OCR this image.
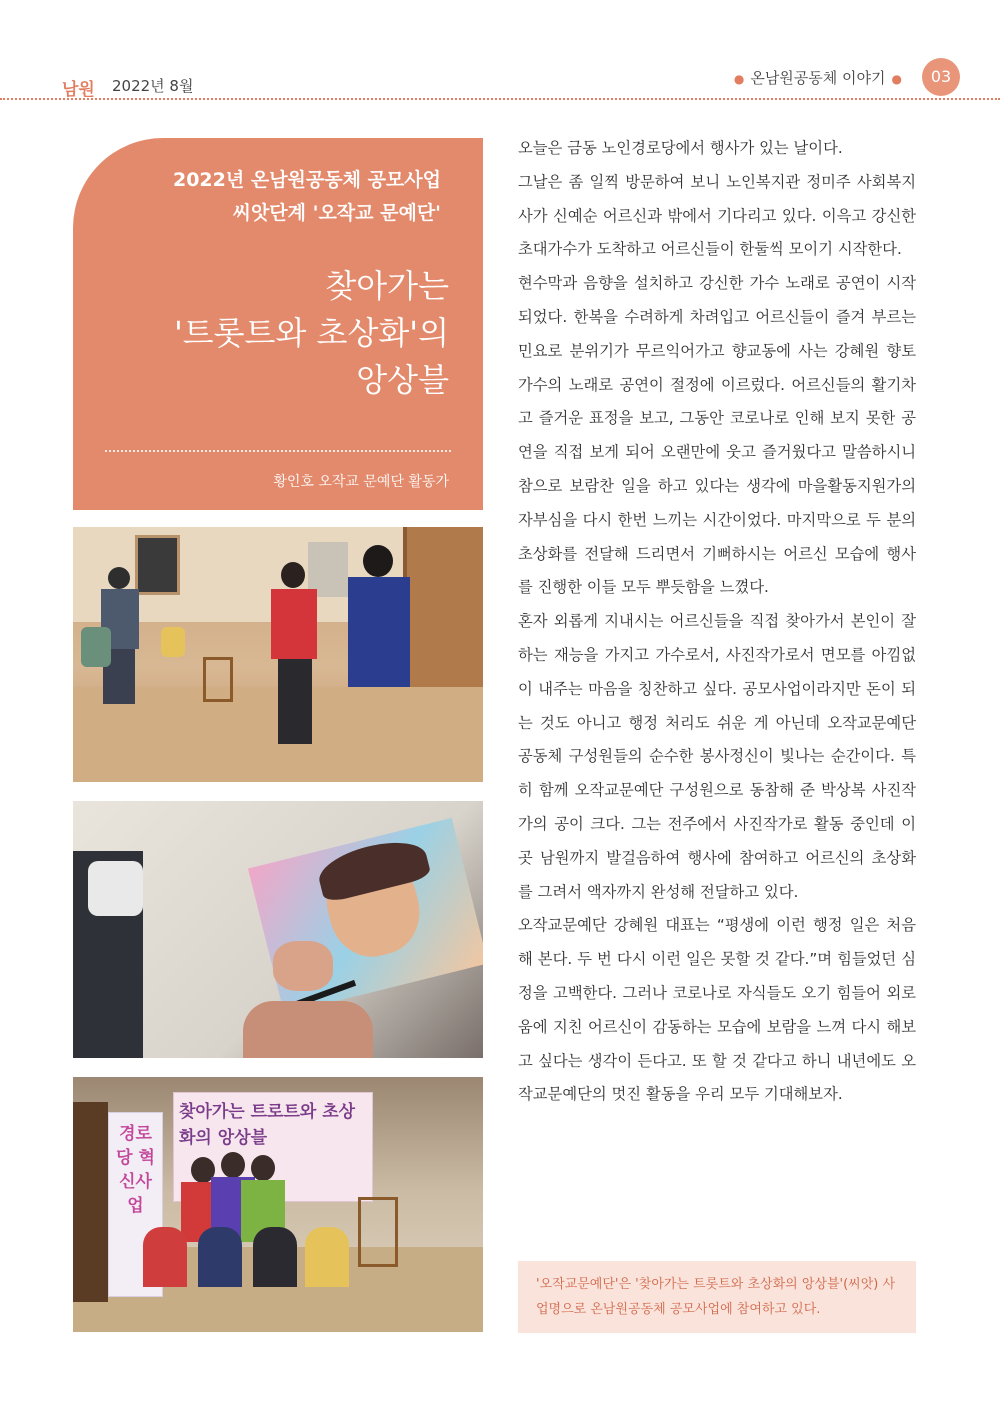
남원 2022년 8월	● 온남원공동체 이야기 ●	03
2022년 온남원공동체 공모사업
씨앗단계 '오작교 문예단'
찾아가는
'트롯트와 초상화'의
앙상블
황인호 오작교 문예단 활동가
경로당 혁신사업
찾아가는 트로트와 초상화의 앙상블

오늘은 금동 노인경로당에서 행사가 있는 날이다.

그날은 좀 일찍 방문하여 보니 노인복지관 정미주 사회복지사가 신예순 어르신과 밖에서 기다리고 있다. 이윽고 강신한 초대가수가 도착하고 어르신들이 한둘씩 모이기 시작한다.

현수막과 음향을 설치하고 강신한 가수 노래로 공연이 시작되었다. 한복을 수려하게 차려입고 어르신들이 즐겨 부르는 민요로 분위기가 무르익어가고 향교동에 사는 강혜원 향토가수의 노래로 공연이 절정에 이르렀다. 어르신들의 활기차고 즐거운 표정을 보고, 그동안 코로나로 인해 보지 못한 공연을 직접 보게 되어 오랜만에 웃고 즐거웠다고 말씀하시니 참으로 보람찬 일을 하고 있다는 생각에 마을활동지원가의 자부심을 다시 한번 느끼는 시간이었다. 마지막으로 두 분의 초상화를 전달해 드리면서 기뻐하시는 어르신 모습에 행사를 진행한 이들 모두 뿌듯함을 느꼈다.

혼자 외롭게 지내시는 어르신들을 직접 찾아가서 본인이 잘하는 재능을 가지고 가수로서, 사진작가로서 면모를 아낌없이 내주는 마음을 칭찬하고 싶다. 공모사업이라지만 돈이 되는 것도 아니고 행정 처리도 쉬운 게 아닌데 오작교문예단 공동체 구성원들의 순수한 봉사정신이 빛나는 순간이다. 특히 함께 오작교문예단 구성원으로 동참해 준 박상복 사진작가의 공이 크다. 그는 전주에서 사진작가로 활동 중인데 이곳 남원까지 발걸음하여 행사에 참여하고 어르신의 초상화를 그려서 액자까지 완성해 전달하고 있다.

오작교문예단 강혜원 대표는 “평생에 이런 행정 일은 처음 해 본다. 두 번 다시 이런 일은 못할 것 같다.”며 힘들었던 심정을 고백한다. 그러나 코로나로 자식들도 오기 힘들어 외로움에 지친 어르신이 감동하는 모습에 보람을 느껴 다시 해보고 싶다는 생각이 든다고. 또 할 것 같다고 하니 내년에도 오작교문예단의 멋진 활동을 우리 모두 기대해보자.

'오작교문예단'은 '찾아가는 트롯트와 초상화의 앙상블'(씨앗) 사업명으로 온남원공동체 공모사업에 참여하고 있다.
